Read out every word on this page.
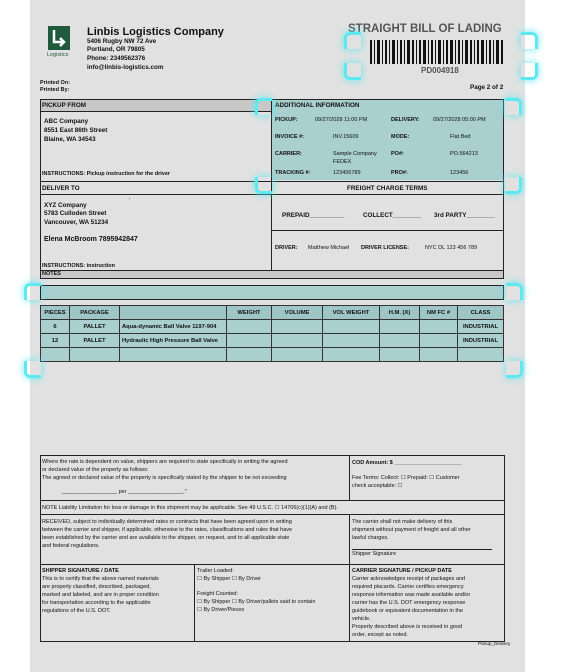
Logistics
Linbis Logistics Company
5406 Rugby NW 72 Ave
Portland, OR 79805
Phone: 2349562376
info@linbis-logistics.com
STRAIGHT BILL OF LADING
PD004918
Printed On:
Printed By:	Page 2 of 2
PICKUP FROM
ABC Company
8551 East 86th Street
Blaine, WA 34543
INSTRUCTIONS: Pickup instruction for the driver
ADDITIONAL INFORMATION
PICKUP:	09/27/2028 11:00 PM	DELIVERY: 09/27/2028 05:00 PM
INVOICE #:	INV.15609	MODE:	Flat Bed
CARRIER:	Sample Company
FEDEX
PO#:	PO.564213
TRACKING #:	123456789	PRO#:	123456
DELIVER TO	FREIGHT CHARGE TERMS
'
XYZ Company
5783 Culloden Street
Vancouver, WA 51234
Elena McBroom 7895942847
INSTRUCTIONS: instruction
PREPAID__________	COLLECT________ 3rd PARTY________
DRIVER: Matthew Michael DRIVER LICENSE:	NYC DL 123 456 789
NOTES
Where the rate is dependent on value, shippers are required to state specifically in writing the agreed
or declared value of the property as follows:
The agreed or declared value of the property is specifically stated by the shipper to be not exceeding
__________________ per __________________."
COD Amount: $ ______________________
Fee Terms: Collect: ☐ Prepaid: ☐ Customer
check acceptable: ☐
NOTE Liability Limitation for loss or damage in this shipment may be applicable. See 49 U.S.C. ☐ 14706(c)(1)(A) and (B).
RECEIVED, subject to individually determined rates or contracts that have been agreed upon in writing
between the carrier and shipper, if applicable, otherwise to the rates, classifications and rules that have
been established by the carrier and are available to the shipper, on request, and to all applicable state
and federal regulations.
The carrier shall not make delivery of this
shipment without payment of freight and all other
lawful charges.
Shipper Signature
SHIPPER SIGNATURE / DATE
This is to certify that the above named materials
are properly classified, described, packaged,
marked and labeled, and are in proper condition
for transportation according to the applicable
regulations of the U.S. DOT.
Trailer Loaded:
☐ By Shipper ☐ By Driver
Freight Counted:
☐ By Shipper ☐ By Driver/pallets said to contain
☐ By Driver/Pieces
CARRIER SIGNATURE / PICKUP DATE
Carrier acknowledges receipt of packages and
required placards. Carrier certifies emergency
response information was made available and/or
carrier has the U.S. DOT emergency response
guidebook or equivalent documentation in the
vehicle.
Property described above is received in good
order, except as noted.
Pickup_Delivery
PIECES	PACKAGE		WEIGHT	VOLUME	VOL WEIGHT	H.M. (X)	NM FC #	CLASS
6	PALLET	Aqua-dynamic Ball Valve 1197-904						INDUSTRIAL
12	PALLET	Hydraulic High Pressure Ball Valve						INDUSTRIAL
